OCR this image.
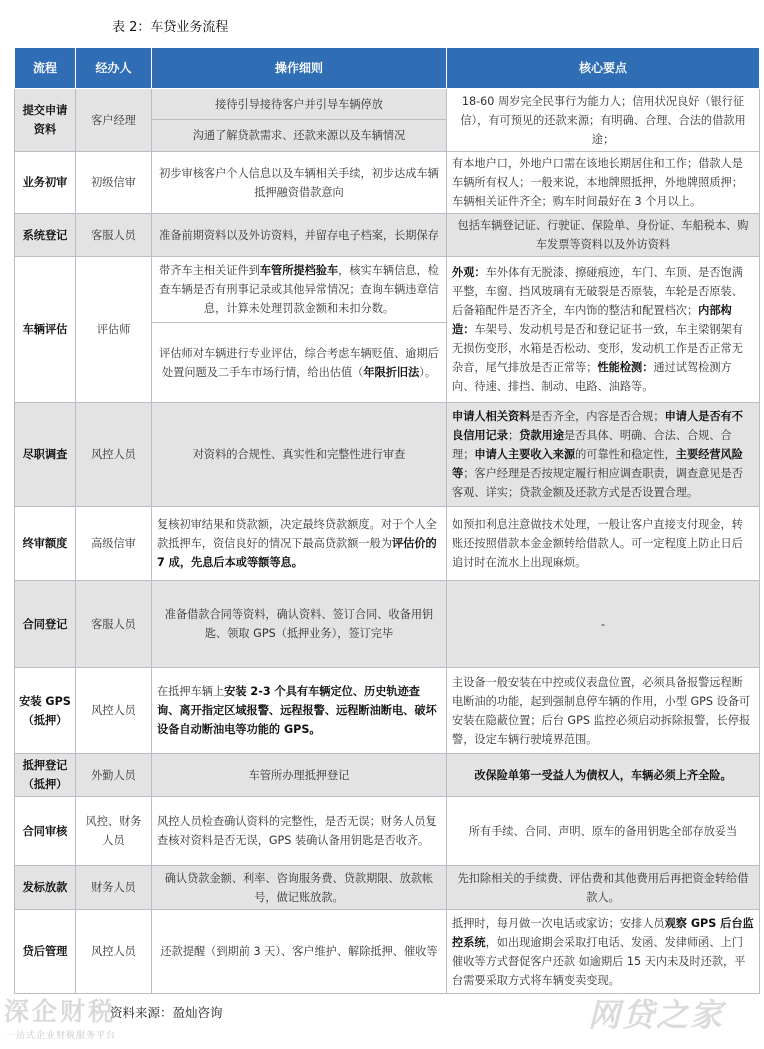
表 2：车贷业务流程
流程	经办人	操作细则	核心要点
提交申请资料	客户经理	接待引导接待客户并引导车辆停放	18-60 周岁完全民事行为能力人；信用状况良好（银行征信），有可预见的还款来源；有明确、合理、合法的借款用途；
		沟通了解贷款需求、还款来源以及车辆情况	
业务初审	初级信审	初步审核客户个人信息以及车辆相关手续，初步达成车辆抵押融资借款意向	有本地户口，外地户口需在该地长期居住和工作；借款人是车辆所有权人；一般来说，本地牌照抵押，外地牌照质押；车辆相关证件齐全；购车时间最好在 3 个月以上。
系统登记	客服人员	准备前期资料以及外访资料，并留存电子档案，长期保存	包括车辆登记证、行驶证、保险单、身份证、车船税本、购车发票等资料以及外访资料
车辆评估	评估师	带齐车主相关证件到车管所提档验车，核实车辆信息，检查车辆是否有刑事记录或其他异常情况；查询车辆违章信息，计算未处理罚款金额和未扣分数。	外观：车外体有无脱漆、擦碰痕迹，车门、车顶、是否饱满平整，车窗、挡风玻璃有无破裂是否原装，车轮是否原装、后备箱配件是否齐全，车内饰的整洁和配置档次；内部构造：车架号、发动机号是否和登记证书一致，车主梁钢架有无损伤变形，水箱是否松动、变形，发动机工作是否正常无杂音，尾气排放是否正常等；性能检测：通过试驾检测方向、待速、排挡、制动、电路、油路等。
		评估师对车辆进行专业评估，综合考虑车辆贬值、逾期后处置问题及二手车市场行情，给出估值（年限折旧法）。	
尽职调查	风控人员	对资料的合规性、真实性和完整性进行审查	申请人相关资料是否齐全，内容是否合规；申请人是否有不良信用记录；贷款用途是否具体、明确、合法、合规、合理；申请人主要收入来源的可靠性和稳定性，主要经营风险等；客户经理是否按规定履行相应调查职责，调查意见是否客观、详实；贷款金额及还款方式是否设置合理。
终审额度	高级信审	复核初审结果和贷款额，决定最终贷款额度。对于个人全款抵押车，资信良好的情况下最高贷款额一般为评估价的 7 成，先息后本或等额等息。	如预扣利息注意做技术处理，一般让客户直接支付现金，转账还按照借款本金金额转给借款人。可一定程度上防止日后追讨时在流水上出现麻烦。
合同登记	客服人员	准备借款合同等资料，确认资料、签订合同、收备用钥匙、领取 GPS（抵押业务），签订完毕	-
安装 GPS（抵押）	风控人员	在抵押车辆上安装 2-3 个具有车辆定位、历史轨迹查询、离开指定区域报警、远程报警、远程断油断电、破坏设备自动断油电等功能的 GPS。	主设备一般安装在中控或仪表盘位置，必须具备报警远程断电断油的功能，起到强制息停车辆的作用，小型 GPS 设备可安装在隐蔽位置；后台 GPS 监控必须启动拆除报警，长停报警，设定车辆行驶境界范围。
抵押登记（抵押）	外勤人员	车管所办理抵押登记	改保险单第一受益人为债权人，车辆必须上齐全险。
合同审核	风控、财务人员	风控人员检查确认资料的完整性，是否无误；财务人员复查核对资料是否无误，GPS 装确认备用钥匙是否收齐。	所有手续、合同、声明、原车的备用钥匙全部存放妥当
发标放款	财务人员	确认贷款金额、利率、咨询服务费、贷款期限、放款帐号，做记账放款。	先扣除相关的手续费、评估费和其他费用后再把资金转给借款人。
贷后管理	风控人员	还款提醒（到期前 3 天）、客户维护、解除抵押、催收等	抵押时，每月做一次电话或家访；安排人员观察 GPS 后台监控系统，如出现逾期会采取打电话、发函、发律师函、上门催收等方式督促客户还款 如逾期后 15 天内未及时还款，平台需要采取方式将车辆变卖变现。
深企财税
一站式企业财税服务平台
资料来源：盈灿咨询	网贷之家
